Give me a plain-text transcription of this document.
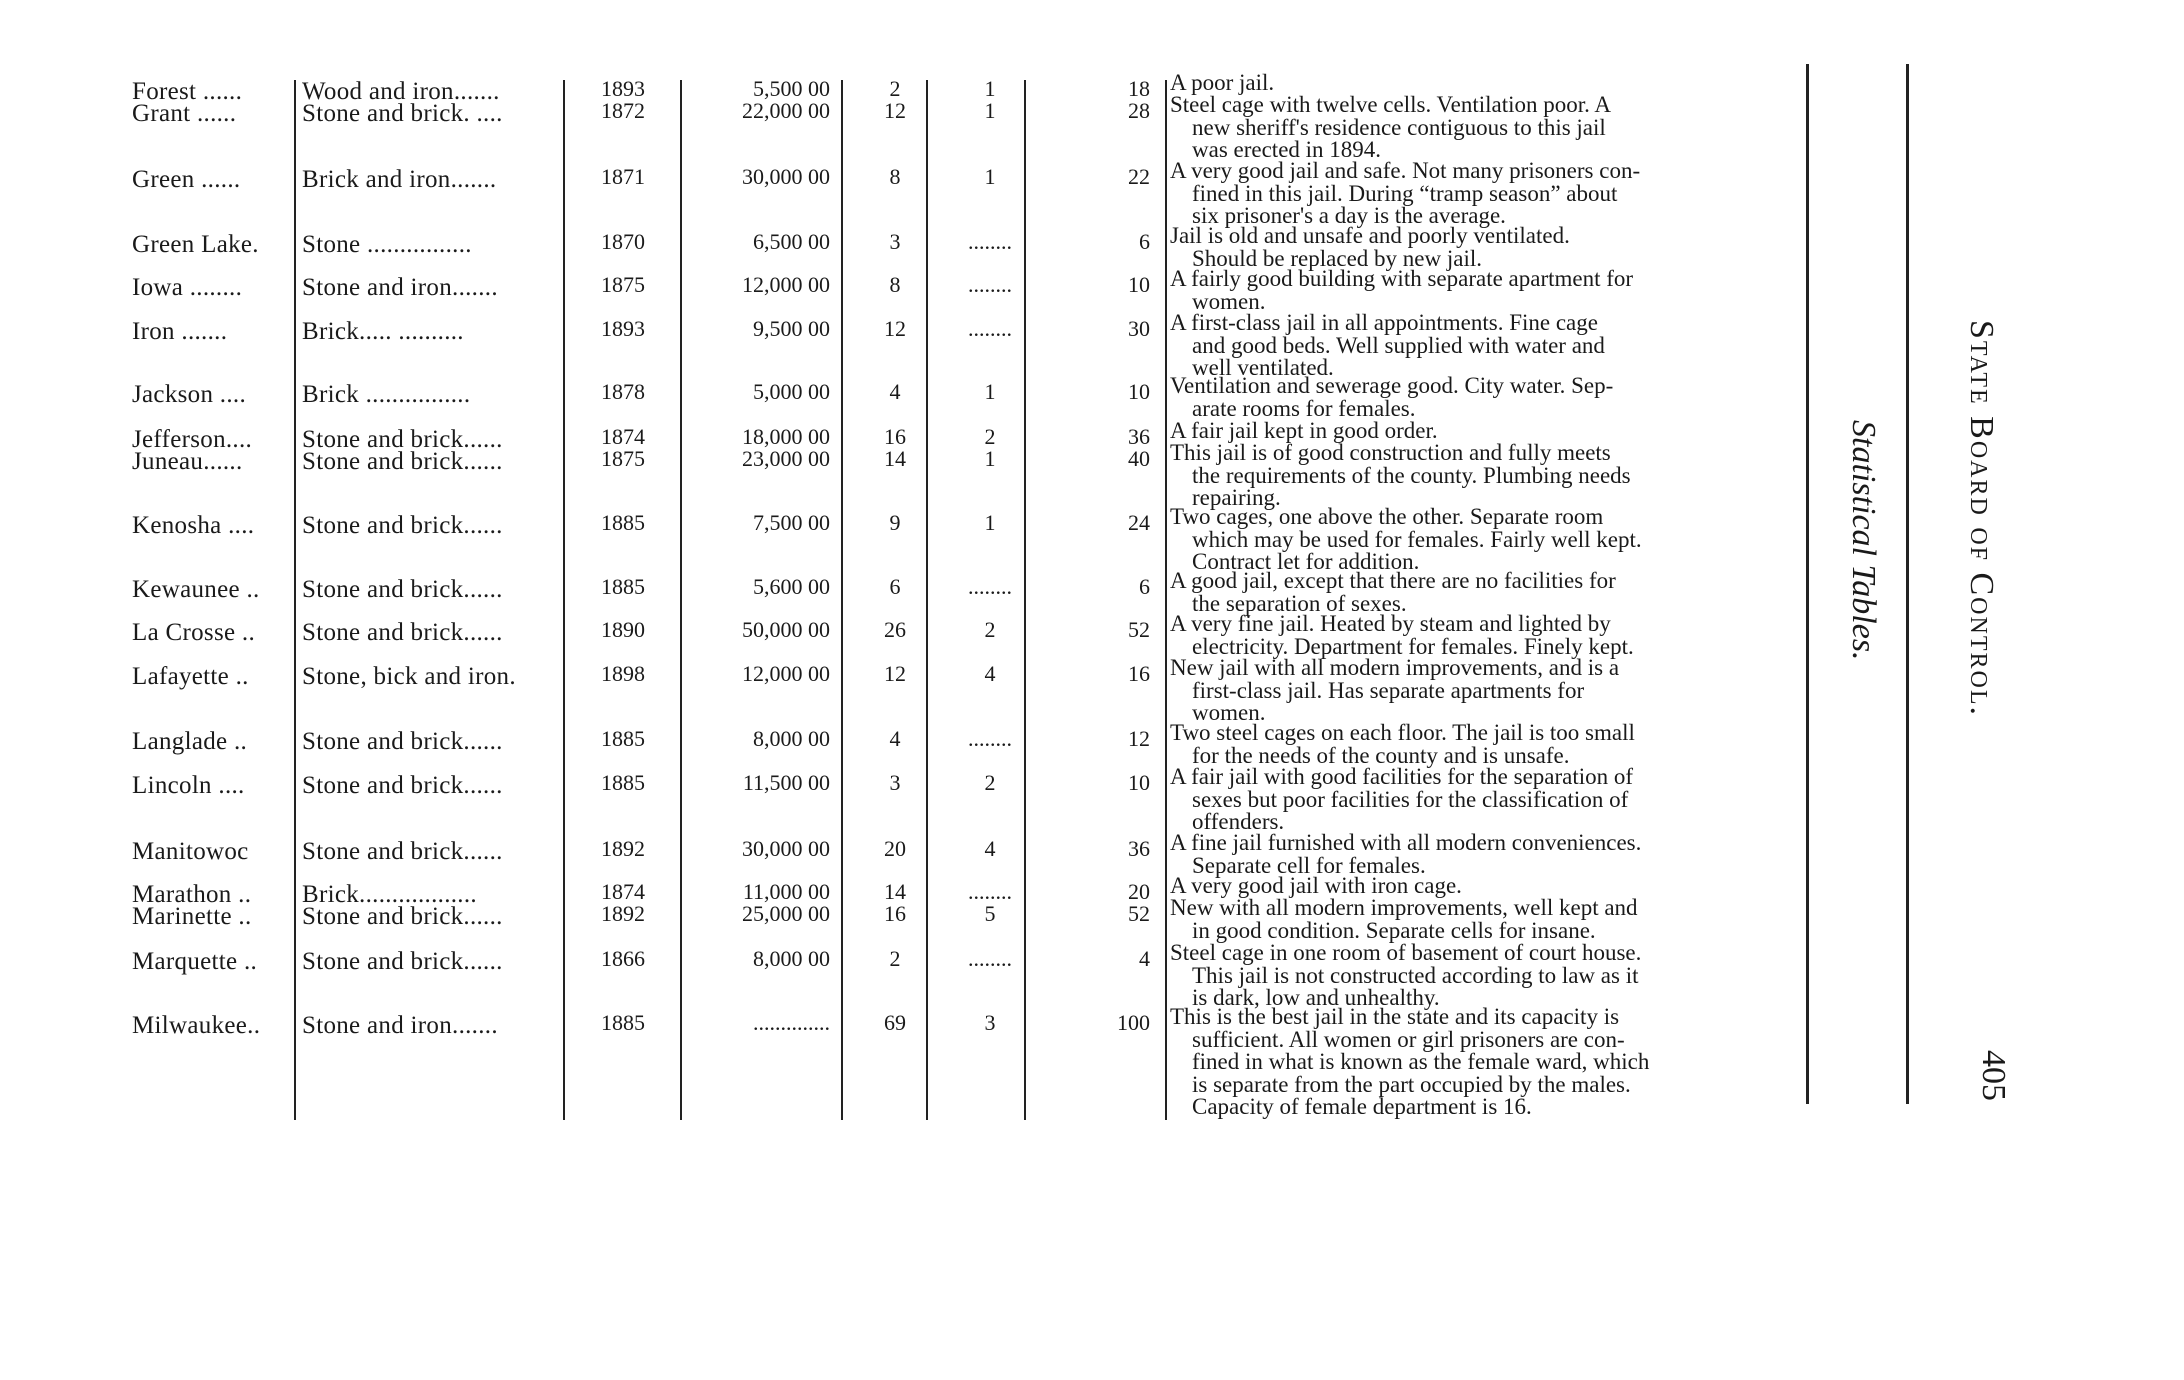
Forest ...... Wood and iron.......	1893	5,500 00	2	1	18 A poor jail.
Grant ......	Stone and brick. ....	1872	22,000 00	12	1	28 Steel cage with twelve cells. Ventilation poor. A
new sheriff's residence contiguous to this jail
was erected in 1894.
Green ...... Brick and iron.......	1871	30,000 00	8	1	22 A very good jail and safe. Not many prisoners con-
fined in this jail. During “tramp season” about
six prisoner's a day is the average.
Green Lake. Stone ................	1870	6,500 00	3	........	6 Jail is old and unsafe and poorly ventilated.
Should be replaced by new jail.
Iowa ........ Stone and iron.......	1875	12,000 00	8	........	10 A fairly good building with separate apartment for
women.
Iron .......	Brick..... ..........	1893	9,500 00	12	........	30 A first-class jail in all appointments. Fine cage
and good beds. Well supplied with water and
well ventilated.
Jackson .... Brick ................	1878	5,000 00	4	1	10 Ventilation and sewerage good. City water. Sep-
arate rooms for females.
Jefferson.... Stone and brick......	1874	18,000 00	16	2	36 A fair jail kept in good order.
Juneau...... Stone and brick......	1875	23,000 00	14	1	40 This jail is of good construction and fully meets
the requirements of the county. Plumbing needs
repairing.
Kenosha .... Stone and brick......	1885	7,500 00	9	1	24 Two cages, one above the other. Separate room
which may be used for females. Fairly well kept.
Contract let for addition.
Kewaunee .. Stone and brick......	1885	5,600 00	6	........	6 A good jail, except that there are no facilities for
the separation of sexes.
La Crosse .. Stone and brick......	1890	50,000 00	26	2	52 A very fine jail. Heated by steam and lighted by
electricity. Department for females. Finely kept.
Lafayette .. Stone, bick and iron.	1898	12,000 00	12	4	16 New jail with all modern improvements, and is a
first-class jail. Has separate apartments for
women.
Langlade .. Stone and brick......	1885	8,000 00	4	........	12 Two steel cages on each floor. The jail is too small
for the needs of the county and is unsafe.
Lincoln .... Stone and brick......	1885	11,500 00	3	2	10 A fair jail with good facilities for the separation of
sexes but poor facilities for the classification of
offenders.
Manitowoc Stone and brick......	1892	30,000 00	20	4	36 A fine jail furnished with all modern conveniences.
Separate cell for females.
Marathon .. Brick..................	1874	11,000 00	14	........	20 A very good jail with iron cage.
Marinette .. Stone and brick......	1892	25,000 00	16	5	52 New with all modern improvements, well kept and
in good condition. Separate cells for insane.
Marquette .. Stone and brick......	1866	8,000 00	2	........	4 Steel cage in one room of basement of court house.
This jail is not constructed according to law as it
is dark, low and unhealthy.
Milwaukee.. Stone and iron.......	1885	..............	69	3	100 This is the best jail in the state and its capacity is
sufficient. All women or girl prisoners are con-
fined in what is known as the female ward, which
is separate from the part occupied by the males.
Capacity of female department is 16.
State Board of Control.
Statistical Tables.
405
